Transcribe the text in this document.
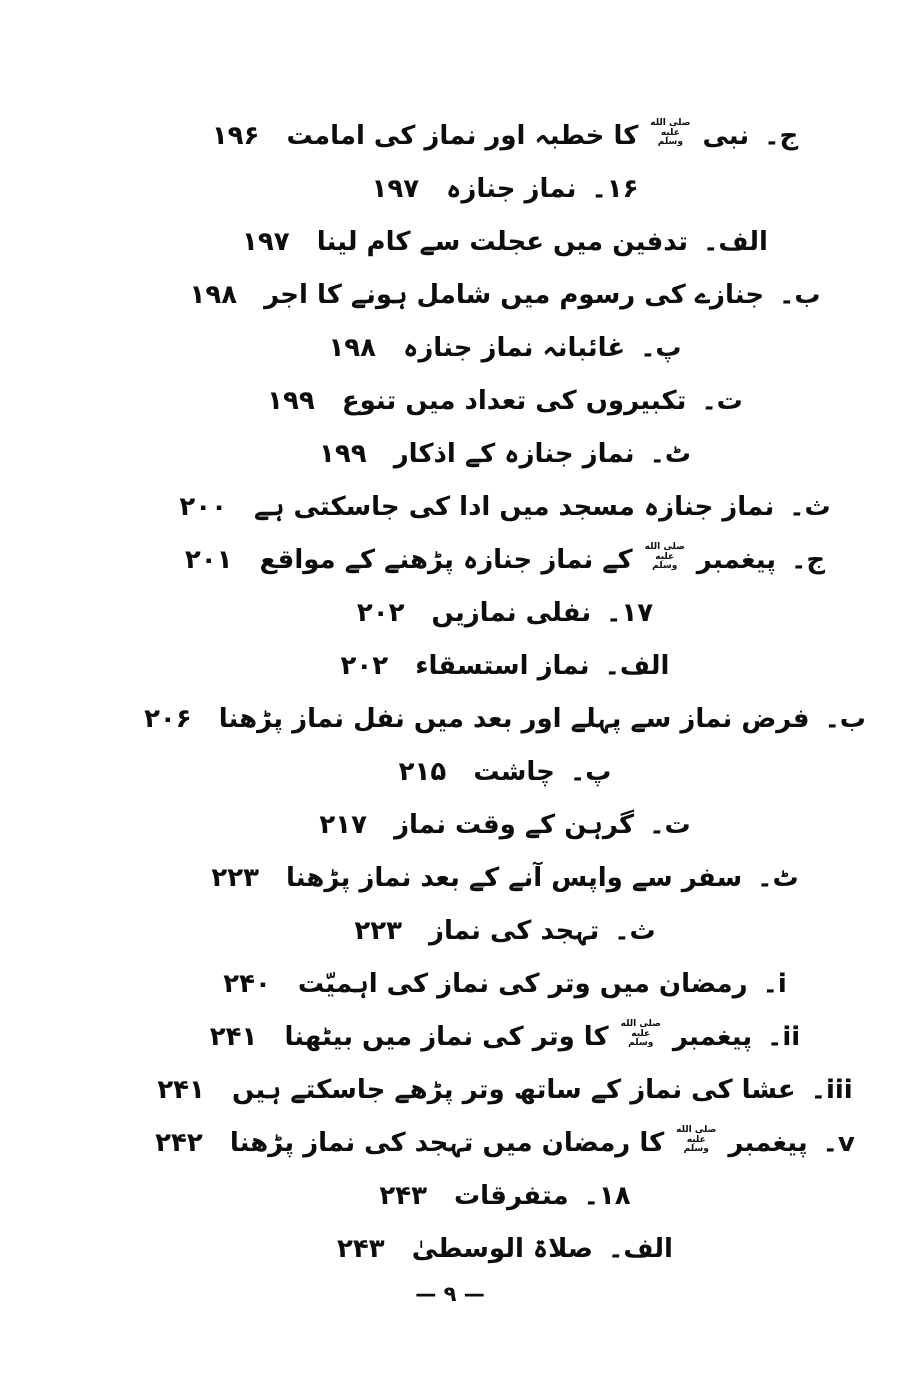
ج۔ نبی صلى الله عليه وسلم کا خطبہ اور نماز کی امامت ۱۹۶
۱۶۔ نماز جنازہ ۱۹۷
الف۔ تدفین میں عجلت سے کام لینا ۱۹۷
ب۔ جنازے کی رسوم میں شامل ہونے کا اجر ۱۹۸
پ۔ غائبانہ نماز جنازہ ۱۹۸
ت۔ تکبیروں کی تعداد میں تنوع ۱۹۹
ٹ۔ نماز جنازہ کے اذکار ۱۹۹
ث۔ نماز جنازہ مسجد میں ادا کی جاسکتی ہے ۲۰۰
ج۔ پیغمبر صلى الله عليه وسلم کے نماز جنازہ پڑھنے کے مواقع ۲۰۱
۱۷۔ نفلی نمازیں ۲۰۲
الف۔ نماز استسقاء ۲۰۲
ب۔ فرض نماز سے پہلے اور بعد میں نفل نماز پڑھنا ۲۰۶
پ۔ چاشت ۲۱۵
ت۔ گرہن کے وقت نماز ۲۱۷
ٹ۔ سفر سے واپس آنے کے بعد نماز پڑھنا ۲۲۳
ث۔ تہجد کی نماز ۲۲۳
i۔ رمضان میں وتر کی نماز کی اہمیّت ۲۴۰
ii۔ پیغمبر صلى الله عليه وسلم کا وتر کی نماز میں بیٹھنا ۲۴۱
iii۔ عشا کی نماز کے ساتھ وتر پڑھے جاسکتے ہیں ۲۴۱
v۔ پیغمبر صلى الله عليه وسلم کا رمضان میں تہجد کی نماز پڑھنا ۲۴۲
۱۸۔ متفرقات ۲۴۳
الف۔ صلاۃ الوسطیٰ ۲۴۳
— ۹ —
